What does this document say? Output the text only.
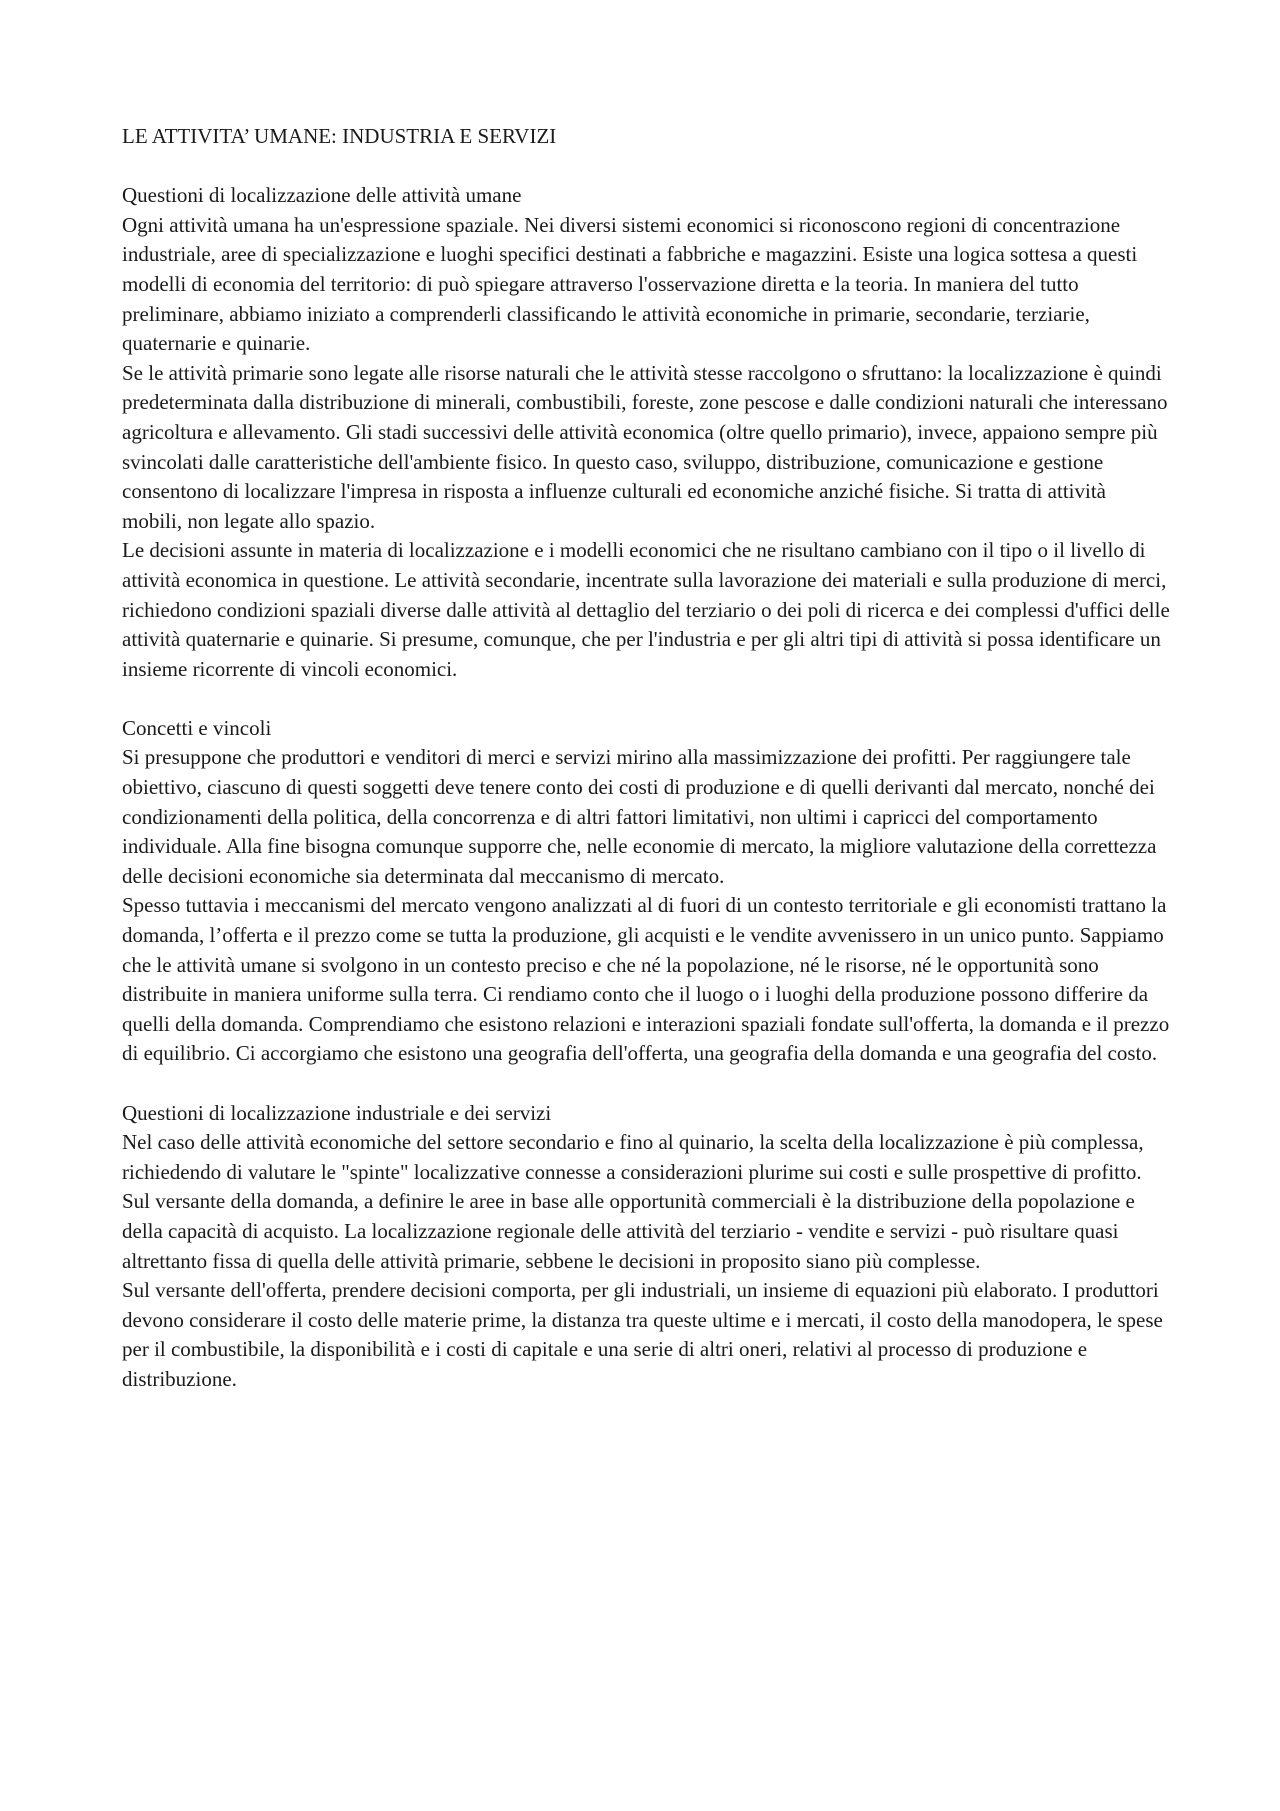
LE ATTIVITA’ UMANE: INDUSTRIA E SERVIZI

Questioni di localizzazione delle attività umane

Ogni attività umana ha un'espressione spaziale. Nei diversi sistemi economici si riconoscono regioni di concentrazione industriale, aree di specializzazione e luoghi specifici destinati a fabbriche e magazzini. Esiste una logica sottesa a questi modelli di economia del territorio: di può spiegare attraverso l'osservazione diretta e la teoria. In maniera del tutto preliminare, abbiamo iniziato a comprenderli classificando le attività economiche in primarie, secondarie, terziarie, quaternarie e quinarie.

Se le attività primarie sono legate alle risorse naturali che le attività stesse raccolgono o sfruttano: la localizzazione è quindi predeterminata dalla distribuzione di minerali, combustibili, foreste, zone pescose e dalle condizioni naturali che interessano agricoltura e allevamento. Gli stadi successivi delle attività economica (oltre quello primario), invece, appaiono sempre più svincolati dalle caratteristiche dell'ambiente fisico. In questo caso, sviluppo, distribuzione, comunicazione e gestione consentono di localizzare l'impresa in risposta a influenze culturali ed economiche anziché fisiche. Si tratta di attività mobili, non legate allo spazio.

Le decisioni assunte in materia di localizzazione e i modelli economici che ne risultano cambiano con il tipo o il livello di attività economica in questione. Le attività secondarie, incentrate sulla lavorazione dei materiali e sulla produzione di merci, richiedono condizioni spaziali diverse dalle attività al dettaglio del terziario o dei poli di ricerca e dei complessi d'uffici delle attività quaternarie e quinarie. Si presume, comunque, che per l'industria e per gli altri tipi di attività si possa identificare un insieme ricorrente di vincoli economici.

Concetti e vincoli

Si presuppone che produttori e venditori di merci e servizi mirino alla massimizzazione dei profitti. Per raggiungere tale obiettivo, ciascuno di questi soggetti deve tenere conto dei costi di produzione e di quelli derivanti dal mercato, nonché dei condizionamenti della politica, della concorrenza e di altri fattori limitativi, non ultimi i capricci del comportamento individuale. Alla fine bisogna comunque supporre che, nelle economie di mercato, la migliore valutazione della correttezza delle decisioni economiche sia determinata dal meccanismo di mercato.

Spesso tuttavia i meccanismi del mercato vengono analizzati al di fuori di un contesto territoriale e gli economisti trattano la domanda, l’offerta e il prezzo come se tutta la produzione, gli acquisti e le vendite avvenissero in un unico punto. Sappiamo che le attività umane si svolgono in un contesto preciso e che né la popolazione, né le risorse, né le opportunità sono distribuite in maniera uniforme sulla terra. Ci rendiamo conto che il luogo o i luoghi della produzione possono differire da quelli della domanda. Comprendiamo che esistono relazioni e interazioni spaziali fondate sull'offerta, la domanda e il prezzo di equilibrio. Ci accorgiamo che esistono una geografia dell'offerta, una geografia della domanda e una geografia del costo.

Questioni di localizzazione industriale e dei servizi

Nel caso delle attività economiche del settore secondario e fino al quinario, la scelta della localizzazione è più complessa, richiedendo di valutare le "spinte" localizzative connesse a considerazioni plurime sui costi e sulle prospettive di profitto.

Sul versante della domanda, a definire le aree in base alle opportunità commerciali è la distribuzione della popolazione e della capacità di acquisto. La localizzazione regionale delle attività del terziario - vendite e servizi - può risultare quasi altrettanto fissa di quella delle attività primarie, sebbene le decisioni in proposito siano più complesse.

Sul versante dell'offerta, prendere decisioni comporta, per gli industriali, un insieme di equazioni più elaborato. I produttori devono considerare il costo delle materie prime, la distanza tra queste ultime e i mercati, il costo della manodopera, le spese per il combustibile, la disponibilità e i costi di capitale e una serie di altri oneri, relativi al processo di produzione e distribuzione.
